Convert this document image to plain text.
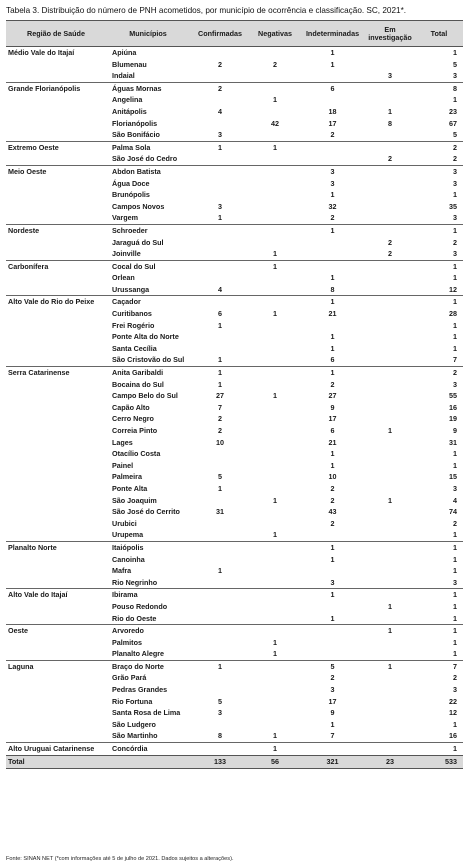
Tabela 3. Distribuição do número de PNH acometidos, por município de ocorrência e classificação. SC, 2021*.
Região de Saúde	Municípios	Confirmadas	Negativas	Indeterminadas	Em investigação	Total
Médio Vale do Itajaí	Apiúna			1		1
	Blumenau	2	2	1		5
	Indaial				3	3
Grande Florianópolis	Águas Mornas	2		6		8
	Angelina		1			1
	Anitápolis	4		18	1	23
	Florianópolis		42	17	8	67
	São Bonifácio	3		2		5
Extremo Oeste	Palma Sola	1	1			2
	São José do Cedro				2	2
Meio Oeste	Abdon Batista			3		3
	Água Doce			3		3
	Brunópolis			1		1
	Campos Novos	3		32		35
	Vargem	1		2		3
Nordeste	Schroeder			1		1
	Jaraguá do Sul				2	2
	Joinville		1		2	3
Carbonífera	Cocal do Sul		1			1
	Orlean			1		1
	Urussanga	4		8		12
Alto Vale do Rio do Peixe	Caçador			1		1
	Curitibanos	6	1	21		28
	Frei Rogério	1				1
	Ponte Alta do Norte			1		1
	Santa Cecília			1		1
	São Cristovão do Sul	1		6		7
Serra Catarinense	Anita Garibaldi	1		1		2
	Bocaina do Sul	1		2		3
	Campo Belo do Sul	27	1	27		55
	Capão Alto	7		9		16
	Cerro Negro	2		17		19
	Correia Pinto	2		6	1	9
	Lages	10		21		31
	Otacílio Costa			1		1
	Painel			1		1
	Palmeira	5		10		15
	Ponte Alta	1		2		3
	São Joaquim		1	2	1	4
	São José do Cerrito	31		43		74
	Urubici			2		2
	Urupema		1			1
Planalto Norte	Itaiópolis			1		1
	Canoinha			1		1
	Mafra	1				1
	Rio Negrinho			3		3
Alto Vale do Itajaí	Ibirama			1		1
	Pouso Redondo				1	1
	Rio do Oeste			1		1
Oeste	Arvoredo				1	1
	Palmitos		1			1
	Planalto Alegre		1			1
Laguna	Braço do Norte	1		5	1	7
	Grão Pará			2		2
	Pedras Grandes			3		3
	Rio Fortuna	5		17		22
	Santa Rosa de Lima	3		9		12
	São Ludgero			1		1
	São Martinho	8	1	7		16
Alto Uruguai Catarinense	Concórdia		1			1
Total		133	56	321	23	533
Fonte: SINAN NET (*com informações até 5 de julho de 2021. Dados sujeitos a alterações).
